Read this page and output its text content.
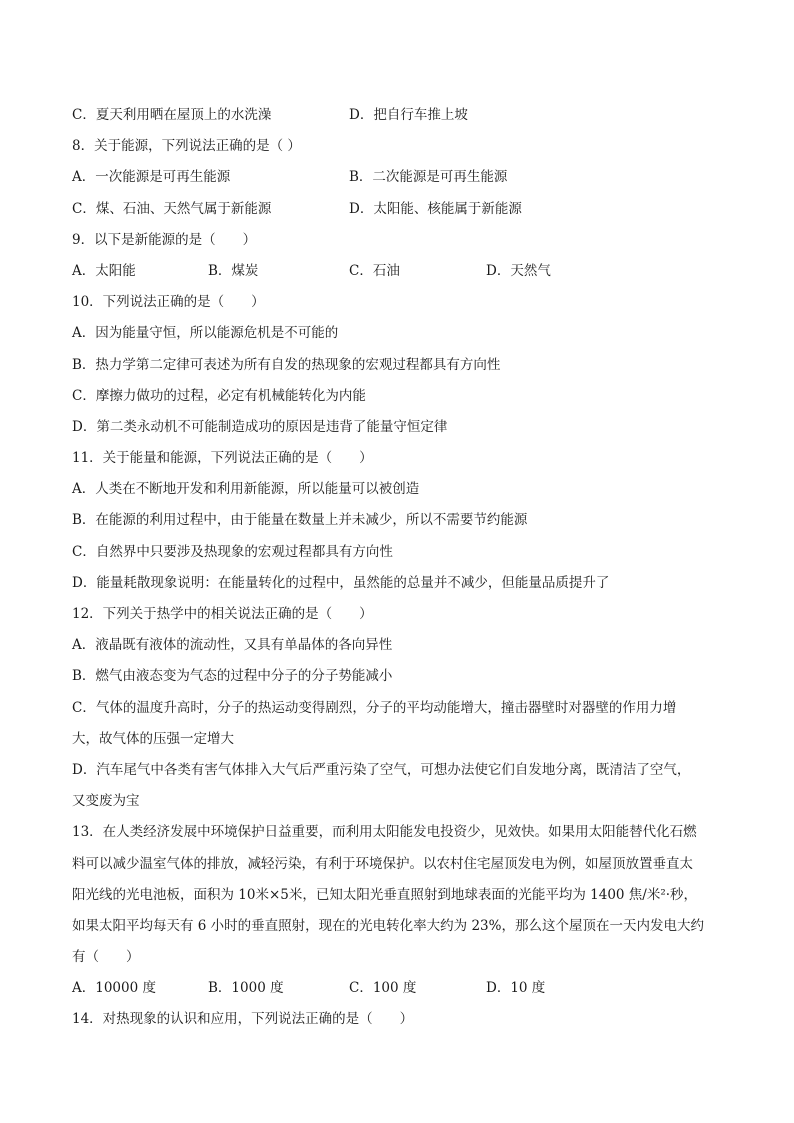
C．夏天利用晒在屋顶上的水洗澡	D．把自行车推上坡
8．关于能源，下列说法正确的是（ ）
A．一次能源是可再生能源	B．二次能源是可再生能源
C．煤、石油、天然气属于新能源	D．太阳能、核能属于新能源
9．以下是新能源的是（　　）
A．太阳能	B．煤炭	C．石油	D．天然气
10．下列说法正确的是（　　）
A．因为能量守恒，所以能源危机是不可能的
B．热力学第二定律可表述为所有自发的热现象的宏观过程都具有方向性
C．摩擦力做功的过程，必定有机械能转化为内能
D．第二类永动机不可能制造成功的原因是违背了能量守恒定律
11．关于能量和能源，下列说法正确的是（　　）
A．人类在不断地开发和利用新能源，所以能量可以被创造
B．在能源的利用过程中，由于能量在数量上并未减少，所以不需要节约能源
C．自然界中只要涉及热现象的宏观过程都具有方向性
D．能量耗散现象说明：在能量转化的过程中，虽然能的总量并不减少，但能量品质提升了
12．下列关于热学中的相关说法正确的是（　　）
A．液晶既有液体的流动性，又具有单晶体的各向异性
B．燃气由液态变为气态的过程中分子的分子势能减小
C．气体的温度升高时，分子的热运动变得剧烈，分子的平均动能增大，撞击器壁时对器壁的作用力增
大，故气体的压强一定增大
D．汽车尾气中各类有害气体排入大气后严重污染了空气，可想办法使它们自发地分离，既清洁了空气，
又变废为宝
13．在人类经济发展中环境保护日益重要，而利用太阳能发电投资少，见效快。如果用太阳能替代化石燃
料可以减少温室气体的排放，减轻污染，有利于环境保护。以农村住宅屋顶发电为例，如屋顶放置垂直太
阳光线的光电池板，面积为 10米×5米，已知太阳光垂直照射到地球表面的光能平均为 1400 焦/米²·秒，
如果太阳平均每天有 6 小时的垂直照射，现在的光电转化率大约为 23%，那么这个屋顶在一天内发电大约
有（　　）
A．10000 度	B．1000 度	C．100 度	D．10 度
14．对热现象的认识和应用，下列说法正确的是（　　）
